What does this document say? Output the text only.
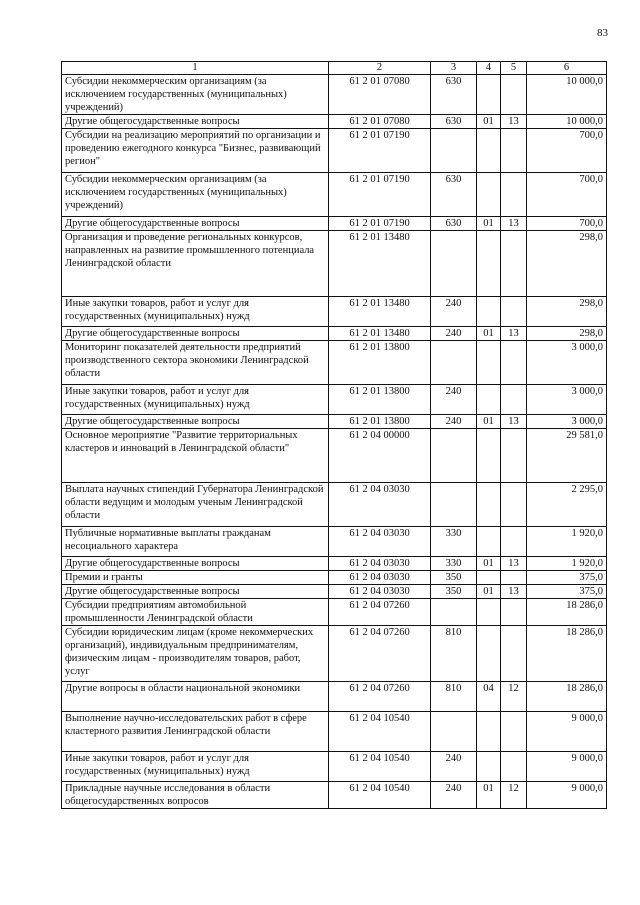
83
1	2	3	4	5	6
Субсидии некоммерческим организациям (за исключением государственных (муниципальных) учреждений)	61 2 01 07080	630			10 000,0
Другие общегосударственные вопросы	61 2 01 07080	630	01	13	10 000,0
Субсидии на реализацию мероприятий по организации и проведению ежегодного конкурса "Бизнес, развивающий регион"	61 2 01 07190				700,0
Субсидии некоммерческим организациям (за исключением государственных (муниципальных) учреждений)	61 2 01 07190	630			700,0
Другие общегосударственные вопросы	61 2 01 07190	630	01	13	700,0
Организация и проведение региональных конкурсов, направленных на развитие промышленного потенциала Ленинградской области	61 2 01 13480				298,0
Иные закупки товаров, работ и услуг для государственных (муниципальных) нужд	61 2 01 13480	240			298,0
Другие общегосударственные вопросы	61 2 01 13480	240	01	13	298,0
Мониторинг показателей деятельности предприятий производственного сектора экономики Ленинградской области	61 2 01 13800				3 000,0
Иные закупки товаров, работ и услуг для государственных (муниципальных) нужд	61 2 01 13800	240			3 000,0
Другие общегосударственные вопросы	61 2 01 13800	240	01	13	3 000,0
Основное мероприятие "Развитие территориальных кластеров и инноваций в Ленинградской области"	61 2 04 00000				29 581,0
Выплата научных стипендий Губернатора Ленинградской области ведущим и молодым ученым Ленинградской области	61 2 04 03030				2 295,0
Публичные нормативные выплаты гражданам несоциального характера	61 2 04 03030	330			1 920,0
Другие общегосударственные вопросы	61 2 04 03030	330	01	13	1 920,0
Премии и гранты	61 2 04 03030	350			375,0
Другие общегосударственные вопросы	61 2 04 03030	350	01	13	375,0
Субсидии предприятиям автомобильной промышленности Ленинградской области	61 2 04 07260				18 286,0
Субсидии юридическим лицам (кроме некоммерческих организаций), индивидуальным предпринимателям, физическим лицам - производителям товаров, работ, услуг	61 2 04 07260	810			18 286,0
Другие вопросы в области национальной экономики	61 2 04 07260	810	04	12	18 286,0
Выполнение научно-исследовательских работ в сфере кластерного развития Ленинградской области	61 2 04 10540				9 000,0
Иные закупки товаров, работ и услуг для государственных (муниципальных) нужд	61 2 04 10540	240			9 000,0
Прикладные научные исследования в области общегосударственных вопросов	61 2 04 10540	240	01	12	9 000,0
